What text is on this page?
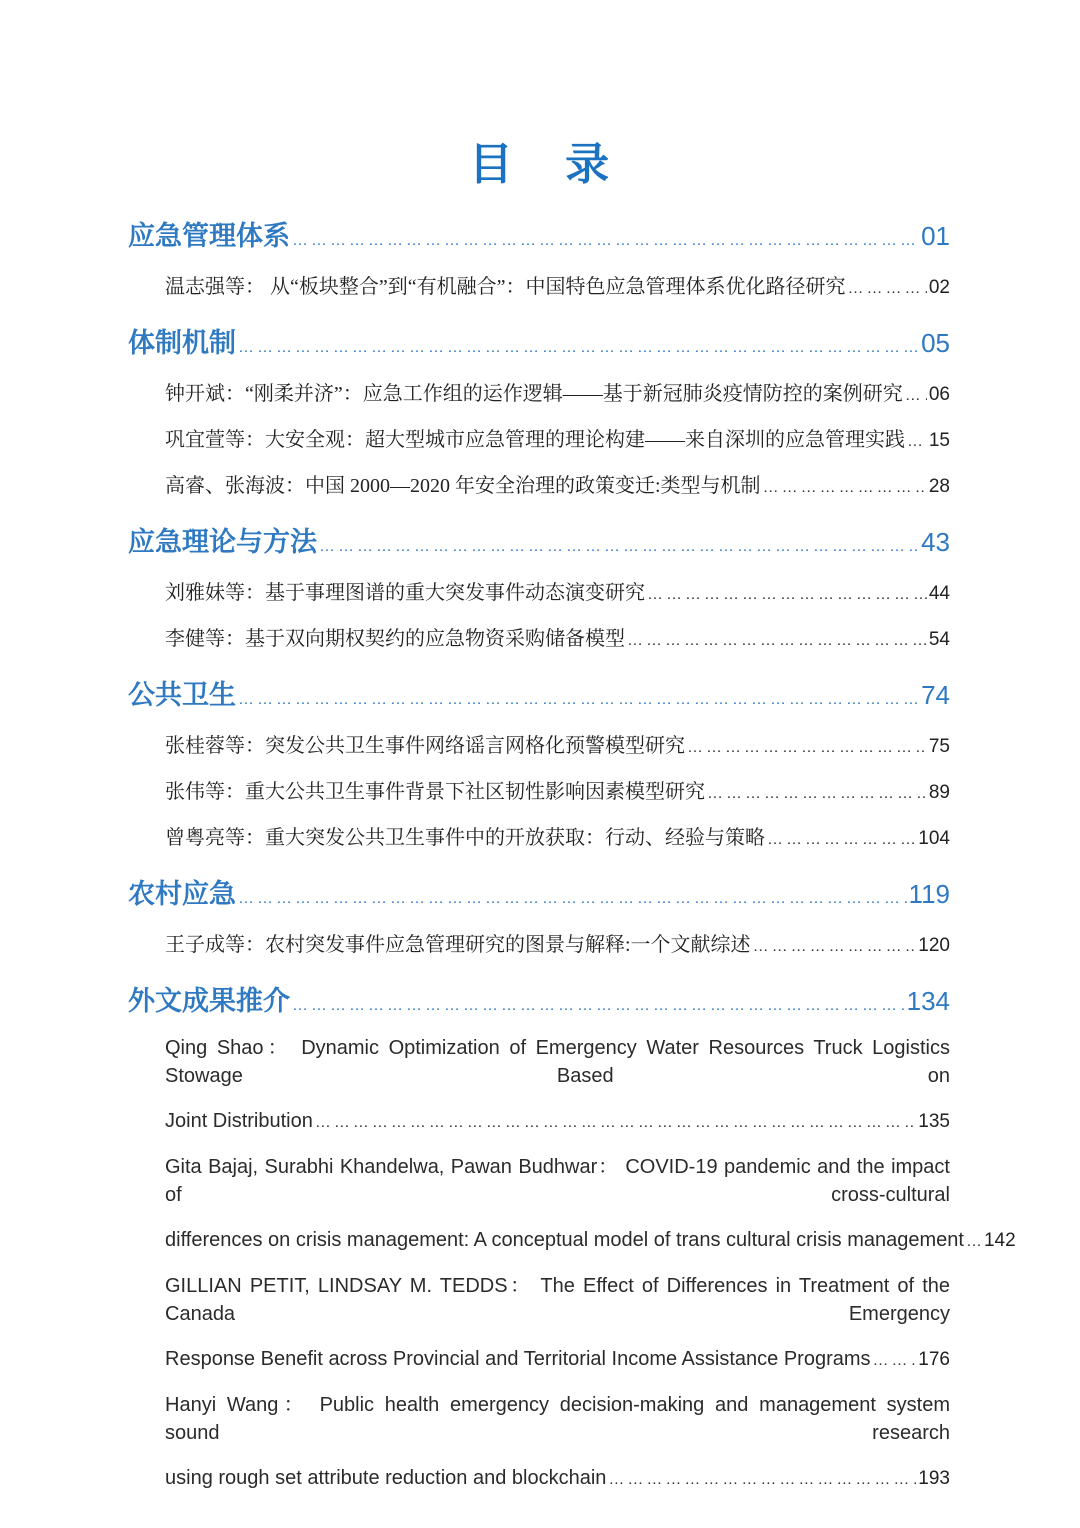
目 录
应急管理体系 …………………………………………………………………………………………………………	01
温志强等： 从“板块整合”到“有机融合”：中国特色应急管理体系优化路径研究 …………………………………………………………………………………………………………	02
体制机制 …………………………………………………………………………………………………………	05
钟开斌：“刚柔并济”：应急工作组的运作逻辑——基于新冠肺炎疫情防控的案例研究 ………………………………………………………………………………………………………… 06
巩宜萱等：大安全观：超大型城市应急管理的理论构建——来自深圳的应急管理实践 ………………………………………………………………………………………………………… 15
高睿、张海波：中国 2000—2020 年安全治理的政策变迁:类型与机制 …………………………………………………………………………………………………………	28
应急理论与方法 …………………………………………………………………………………………………………	43
刘雅妹等：基于事理图谱的重大突发事件动态演变研究 …………………………………………………………………………………………………………	44
李健等：基于双向期权契约的应急物资采购储备模型 …………………………………………………………………………………………………………	54
公共卫生 …………………………………………………………………………………………………………	74
张桂蓉等：突发公共卫生事件网络谣言网格化预警模型研究 …………………………………………………………………………………………………………	75
张伟等：重大公共卫生事件背景下社区韧性影响因素模型研究 …………………………………………………………………………………………………………	89
曾粤亮等：重大突发公共卫生事件中的开放获取：行动、经验与策略 …………………………………………………………………………………………………………	104
农村应急 …………………………………………………………………………………………………………	119
王子成等：农村突发事件应急管理研究的图景与解释:一个文献综述 …………………………………………………………………………………………………………	120
外文成果推介 …………………………………………………………………………………………………………	134
Qing Shao： Dynamic Optimization of Emergency Water Resources Truck Logistics Stowage Based on
Joint Distribution …………………………………………………………………………………………………………	135
Gita Bajaj, Surabhi Khandelwa, Pawan Budhwar： COVID-19 pandemic and the impact of cross-cultural
differences on crisis management: A conceptual model of trans cultural crisis management ………………………………………………………………………………………………………… 142
GILLIAN PETIT, LINDSAY M. TEDDS： The Effect of Differences in Treatment of the Canada Emergency
Response Benefit across Provincial and Territorial Income Assistance Programs …………………………………………………………………………………………………………	176
Hanyi Wang： Public health emergency decision-making and management system sound research
using rough set attribute reduction and blockchain …………………………………………………………………………………………………………	193
